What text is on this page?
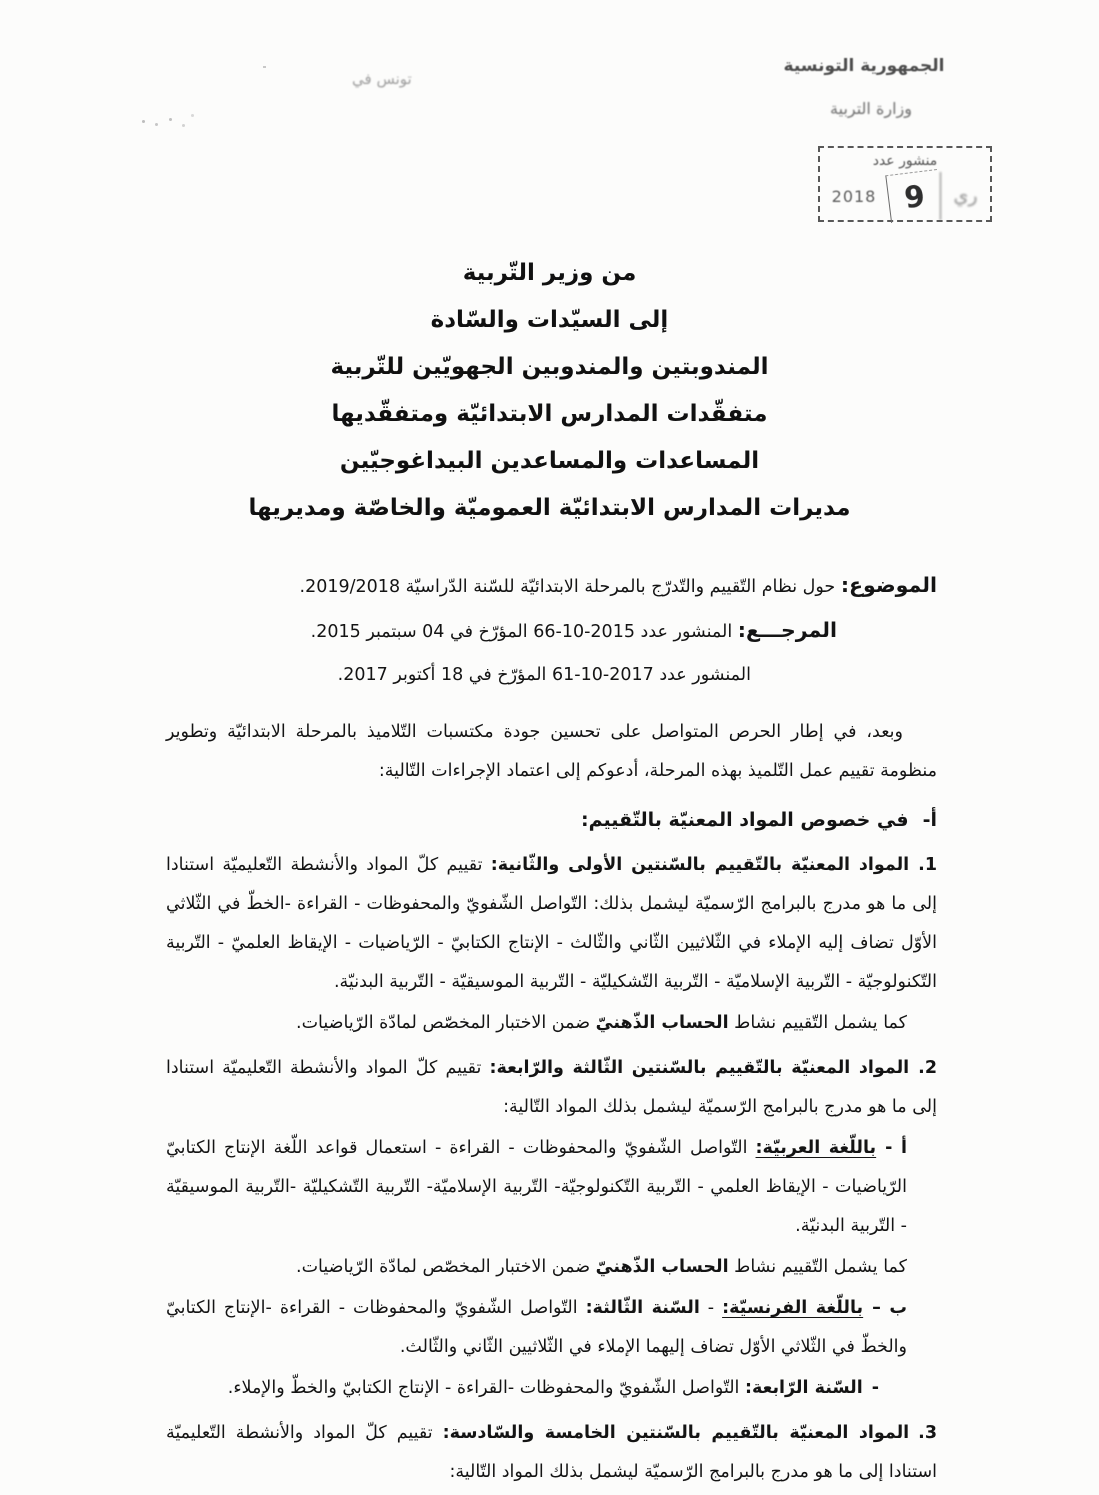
الجمهورية التونسية
وزارة التربية
تونس في
منشور عدد
ري
9
2018
من وزير التّربية
إلى السيّدات والسّادة
المندوبتين والمندوبين الجهويّين للتّربية
متفقّدات المدارس الابتدائيّة ومتفقّديها
المساعدات والمساعدين البيداغوجيّين
مديرات المدارس الابتدائيّة العموميّة والخاصّة ومديريها

الموضوع: حول نظام التّقييم والتّدرّج بالمرحلة الابتدائيّة للسّنة الدّراسيّة 2019/2018.

المرجـــع: المنشور عدد 2015-10-66 المؤرّخ في 04 سبتمبر 2015.

المنشور عدد 2017-10-61 المؤرّخ في 18 أكتوبر 2017.

وبعد، في إطار الحرص المتواصل على تحسين جودة مكتسبات التّلاميذ بالمرحلة الابتدائيّة وتطوير منظومة تقييم عمل التّلميذ بهذه المرحلة، أدعوكم إلى اعتماد الإجراءات التّالية:

أ-في خصوص المواد المعنيّة بالتّقييم:

1.المواد المعنيّة بالتّقييم بالسّنتين الأولى والثّانية: تقييم كلّ المواد والأنشطة التّعليميّة استنادا إلى ما هو مدرج بالبرامج الرّسميّة ليشمل بذلك: التّواصل الشّفويّ والمحفوظات - القراءة -الخطّ في الثّلاثي الأوّل تضاف إليه الإملاء في الثّلاثيين الثّاني والثّالث - الإنتاج الكتابيّ - الرّياضيات - الإيقاظ العلميّ - التّربية التّكنولوجيّة - التّربية الإسلاميّة - التّربية التّشكيليّة - التّربية الموسيقيّة - التّربية البدنيّة.

كما يشمل التّقييم نشاط الحساب الذّهنيّ ضمن الاختبار المخصّص لمادّة الرّياضيات.

2.المواد المعنيّة بالتّقييم بالسّنتين الثّالثة والرّابعة: تقييم كلّ المواد والأنشطة التّعليميّة استنادا إلى ما هو مدرج بالبرامج الرّسميّة ليشمل بذلك المواد التّالية:

أ -باللّغة العربيّة: التّواصل الشّفويّ والمحفوظات - القراءة - استعمال قواعد اللّغة الإنتاج الكتابيّ الرّياضيات - الإيقاظ العلمي - التّربية التّكنولوجيّة- التّربية الإسلاميّة- التّربية التّشكيليّة -التّربية الموسيقيّة - التّربية البدنيّة.

كما يشمل التّقييم نشاط الحساب الذّهنيّ ضمن الاختبار المخصّص لمادّة الرّياضيات.

ب –باللّغة الفرنسيّة: - السّنة الثّالثة: التّواصل الشّفويّ والمحفوظات - القراءة -الإنتاج الكتابيّ والخطّ في الثّلاثي الأوّل تضاف إليهما الإملاء في الثّلاثيين الثّاني والثّالث.

-السّنة الرّابعة: التّواصل الشّفويّ والمحفوظات -القراءة - الإنتاج الكتابيّ والخطّ والإملاء.

3.المواد المعنيّة بالتّقييم بالسّنتين الخامسة والسّادسة: تقييم كلّ المواد والأنشطة التّعليميّة استنادا إلى ما هو مدرج بالبرامج الرّسميّة ليشمل بذلك المواد التّالية:
